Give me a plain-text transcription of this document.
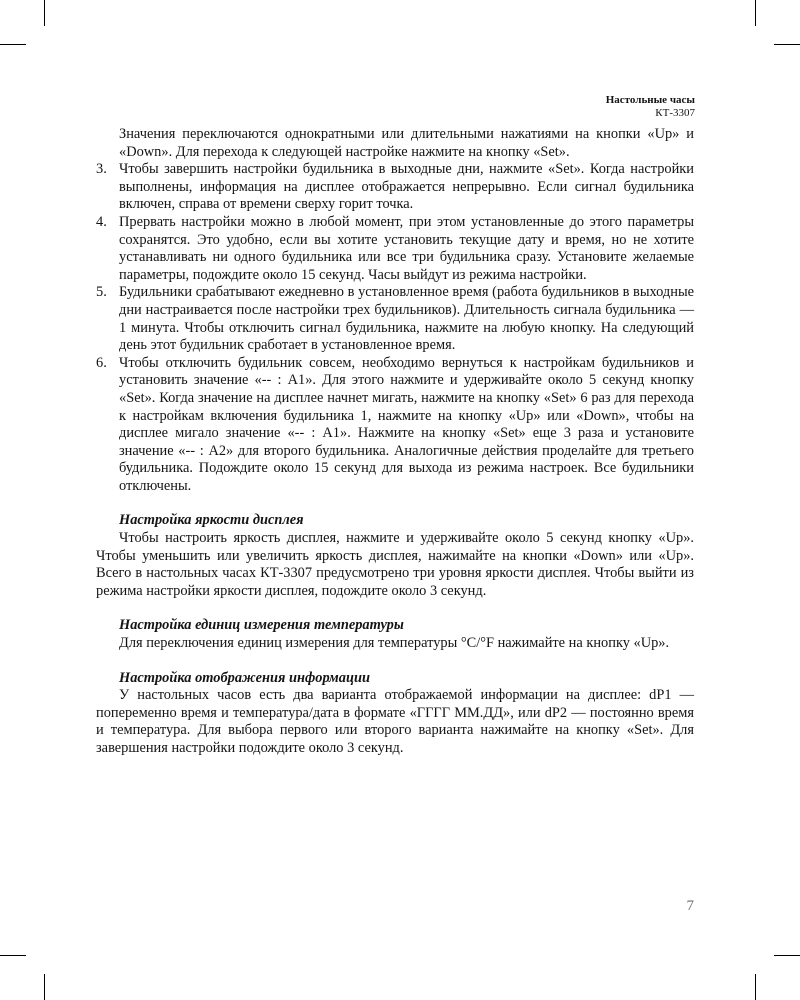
Настольные часы
КТ-3307

Значения переключаются однократными или длительными нажатиями на кнопки «Up» и «Down». Для перехода к следующей настройке нажмите на кнопку «Set».

3. Чтобы завершить настройки будильника в выходные дни, нажмите «Set». Когда настройки выполнены, информация на дисплее отображается непрерывно. Если сигнал будильника включен, справа от времени сверху горит точка.
4. Прервать настройки можно в любой момент, при этом установленные до этого параметры сохранятся. Это удобно, если вы хотите установить текущие дату и время, но не хотите устанавливать ни одного будильника или все три будильника сразу. Установите желаемые параметры, подождите около 15 секунд. Часы выйдут из режима настройки.
5. Будильники срабатывают ежедневно в установленное время (работа будильников в выходные дни настраивается после настройки трех будильников). Длительность сигнала будильника — 1 минута. Чтобы отключить сигнал будильника, нажмите на любую кнопку. На следующий день этот будильник сработает в установленное время.
6. Чтобы отключить будильник совсем, необходимо вернуться к настройкам будильников и установить значение «-- : A1». Для этого нажмите и удерживайте около 5 секунд кнопку «Set». Когда значение на дисплее начнет мигать, нажмите на кнопку «Set» 6 раз для перехода к настройкам включения будильника 1, нажмите на кнопку «Up» или «Down», чтобы на дисплее мигало значение «-- : A1». Нажмите на кнопку «Set» еще 3 раза и установите значение «-- : A2» для второго будильника. Аналогичные действия проделайте для третьего будильника. Подождите около 15 секунд для выхода из режима настроек. Все будильники отключены.

Настройка яркости дисплея

Чтобы настроить яркость дисплея, нажмите и удерживайте около 5 секунд кнопку «Up». Чтобы уменьшить или увеличить яркость дисплея, нажимайте на кнопки «Down» или «Up». Всего в настольных часах КТ-3307 предусмотрено три уровня яркости дисплея. Чтобы выйти из режима настройки яркости дисплея, подождите около 3 секунд.

Настройка единиц измерения температуры

Для переключения единиц измерения для температуры °C/°F нажимайте на кнопку «Up».

Настройка отображения информации

У настольных часов есть два варианта отображаемой информации на дисплее: dP1 — попеременно время и температура/дата в формате «ГГГГ ММ.ДД», или dP2 — постоянно время и температура. Для выбора первого или второго варианта нажимайте на кнопку «Set». Для завершения настройки подождите около 3 секунд.

7
